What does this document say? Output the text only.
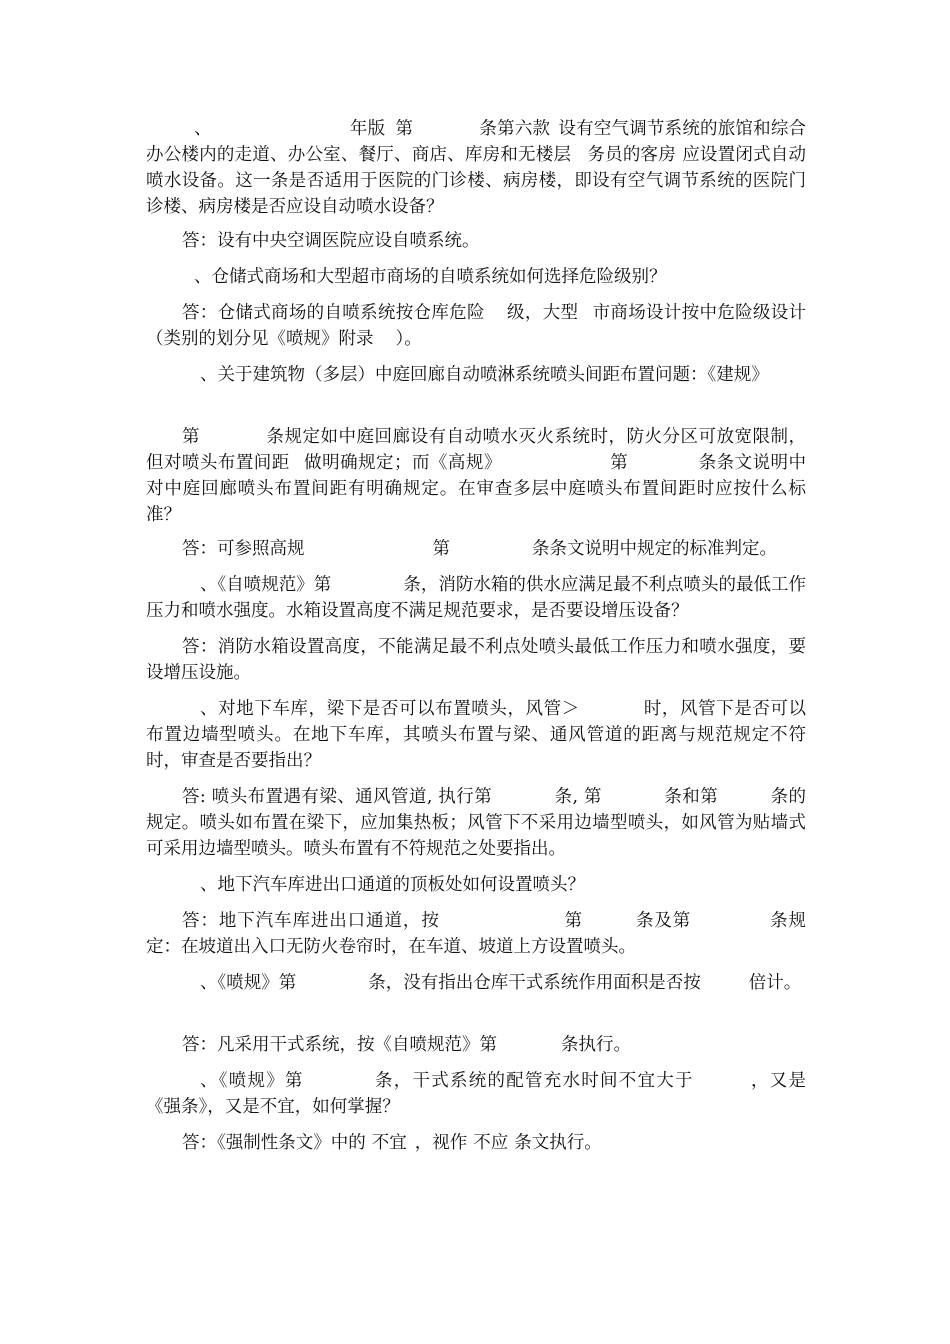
、	年版 第	条第六款 设有空气调节系统的旅馆和综合办公楼内的走道、办公室、餐厅、商店、库房和无楼层 务员的客房 应设置闭式自动喷水设备。这一条是否适用于医院的门诊楼、病房楼，即设有空气调节系统的医院门诊楼、病房楼是否应设自动喷水设备？

答：设有中央空调医院应设自喷系统。

、仓储式商场和大型超市商场的自喷系统如何选择危险级别？

答：仓储式商场的自喷系统按仓库危险 级，大型 市商场设计按中危险级设计（类别的划分见《喷规》附录 ）。

、关于建筑物（多层）中庭回廊自动喷淋系统喷头间距布置问题：《建规》

第	条规定如中庭回廊设有自动喷水灭火系统时，防火分区可放宽限制，但对喷头布置间距 做明确规定；而《高规》	第	条条文说明中对中庭回廊喷头布置间距有明确规定。在审查多层中庭喷头布置间距时应按什么标准？

答：可参照高规	第	条条文说明中规定的标准判定。

、《自喷规范》第	条，消防水箱的供水应满足最不利点喷头的最低工作压力和喷水强度。水箱设置高度不满足规范要求，是否要设增压设备？

答：消防水箱设置高度，不能满足最不利点处喷头最低工作压力和喷水强度，要设增压设施。

、对地下车库，梁下是否可以布置喷头，风管＞	时，风管下是否可以布置边墙型喷头。在地下车库，其喷头布置与梁、通风管道的距离与规范规定不符时，审查是否要指出？

答: 喷头布置遇有梁、通风管道, 执行第	条, 第	条和第	条的规定。喷头如布置在梁下，应加集热板；风管下不采用边墙型喷头，如风管为贴墙式可采用边墙型喷头。喷头布置有不符规范之处要指出。

、地下汽车库进出口通道的顶板处如何设置喷头？

答：地下汽车库进出口通道，按	第	条及第	条规定：在坡道出入口无防火卷帘时，在车道、坡道上方设置喷头。

、《喷规》第	条，没有指出仓库干式系统作用面积是否按	倍计。

答：凡采用干式系统，按《自喷规范》第	条执行。

、《喷规》第	条，干式系统的配管充水时间不宜大于	，又是《强条》，又是不宜，如何掌握？

答：《强制性条文》中的 不宜 ，视作 不应 条文执行。
